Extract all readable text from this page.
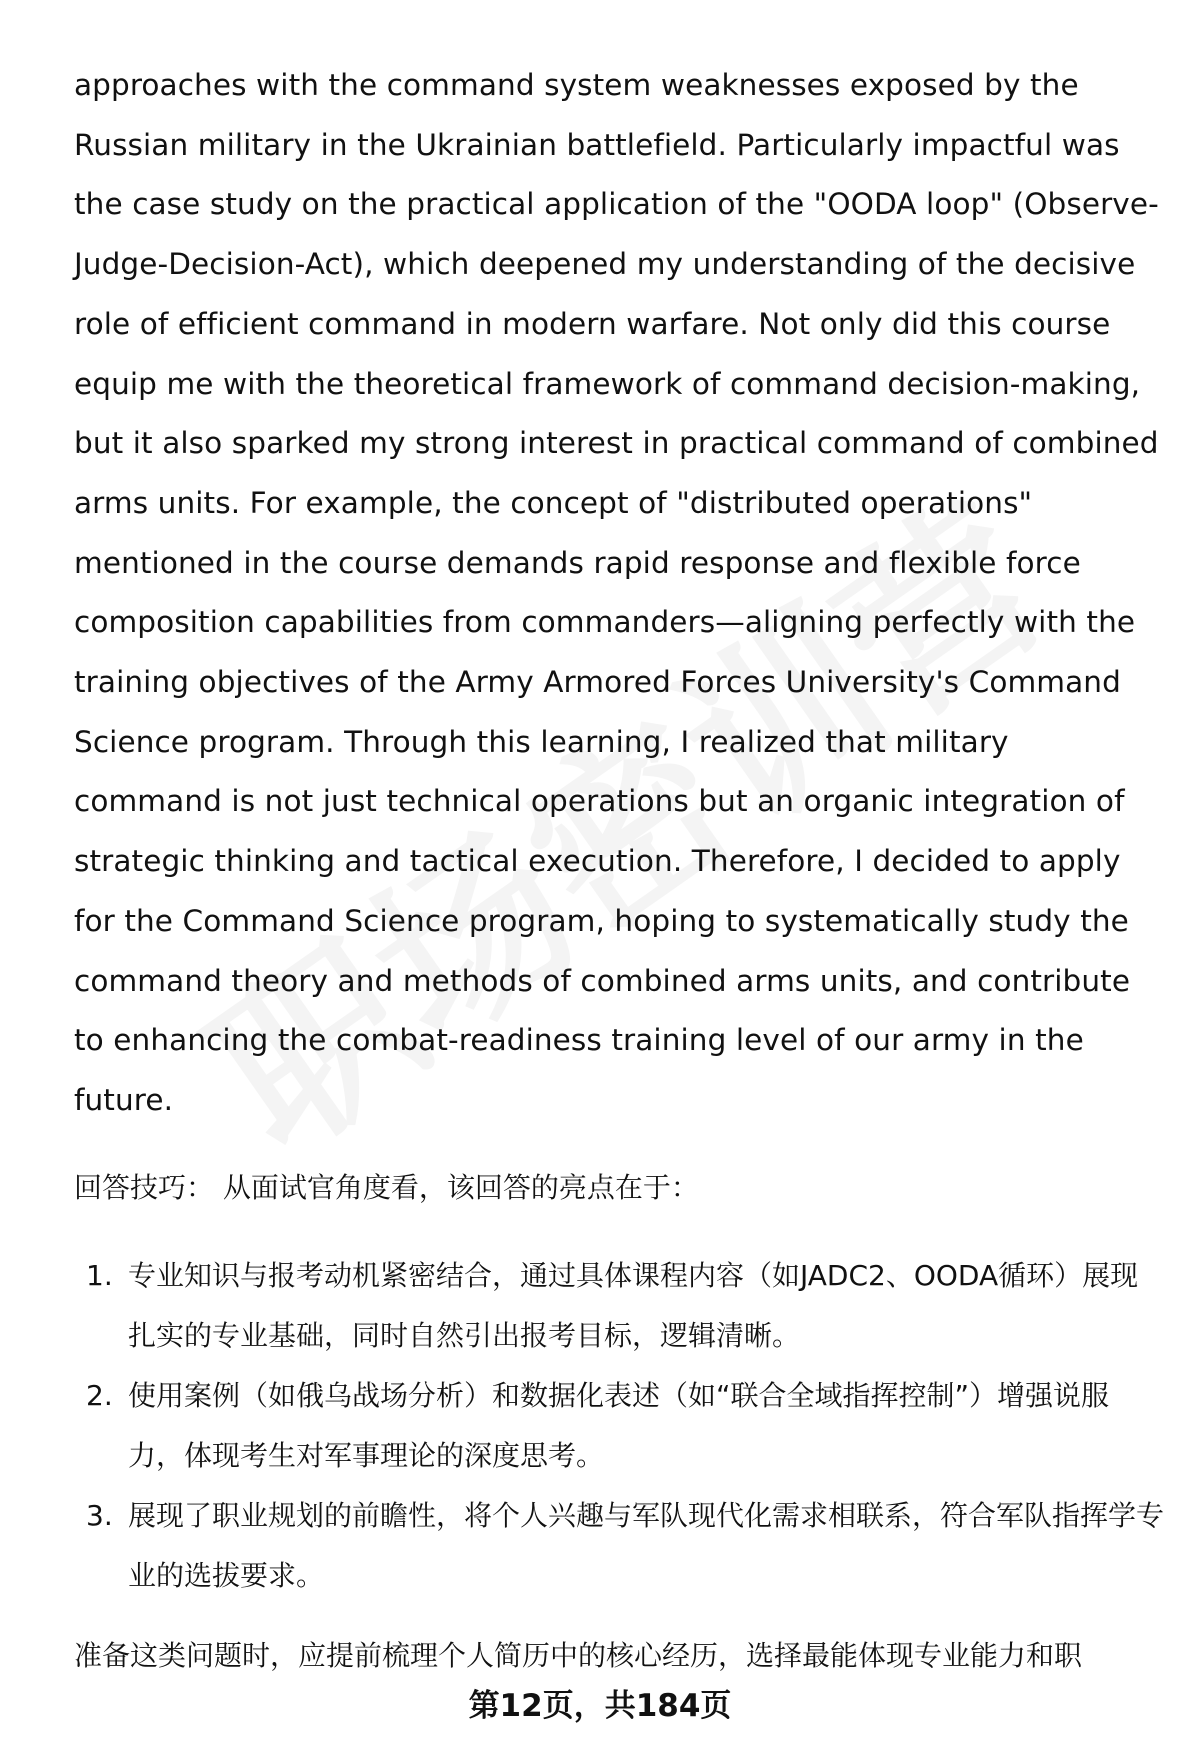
approaches with the command system weaknesses exposed by the Russian military in the Ukrainian battlefield. Particularly impactful was the case study on the practical application of the "OODA loop" (Observe-Judge-Decision-Act), which deepened my understanding of the decisive role of efficient command in modern warfare. Not only did this course equip me with the theoretical framework of command decision-making, but it also sparked my strong interest in practical command of combined arms units. For example, the concept of "distributed operations" mentioned in the course demands rapid response and flexible force composition capabilities from commanders—aligning perfectly with the training objectives of the Army Armored Forces University's Command Science program. Through this learning, I realized that military command is not just technical operations but an organic integration of strategic thinking and tactical execution. Therefore, I decided to apply for the Command Science program, hoping to systematically study the command theory and methods of combined arms units, and contribute to enhancing the combat-readiness training level of our army in the future.

回答技巧： 从面试官角度看，该回答的亮点在于：

1. 专业知识与报考动机紧密结合，通过具体课程内容（如JADC2、OODA循环）展现扎实的专业基础，同时自然引出报考目标，逻辑清晰。
2. 使用案例（如俄乌战场分析）和数据化表述（如“联合全域指挥控制”）增强说服力，体现考生对军事理论的深度思考。
3. 展现了职业规划的前瞻性，将个人兴趣与军队现代化需求相联系，符合军队指挥学专业的选拔要求。

准备这类问题时，应提前梳理个人简历中的核心经历，选择最能体现专业能力和职

第12页，共184页
